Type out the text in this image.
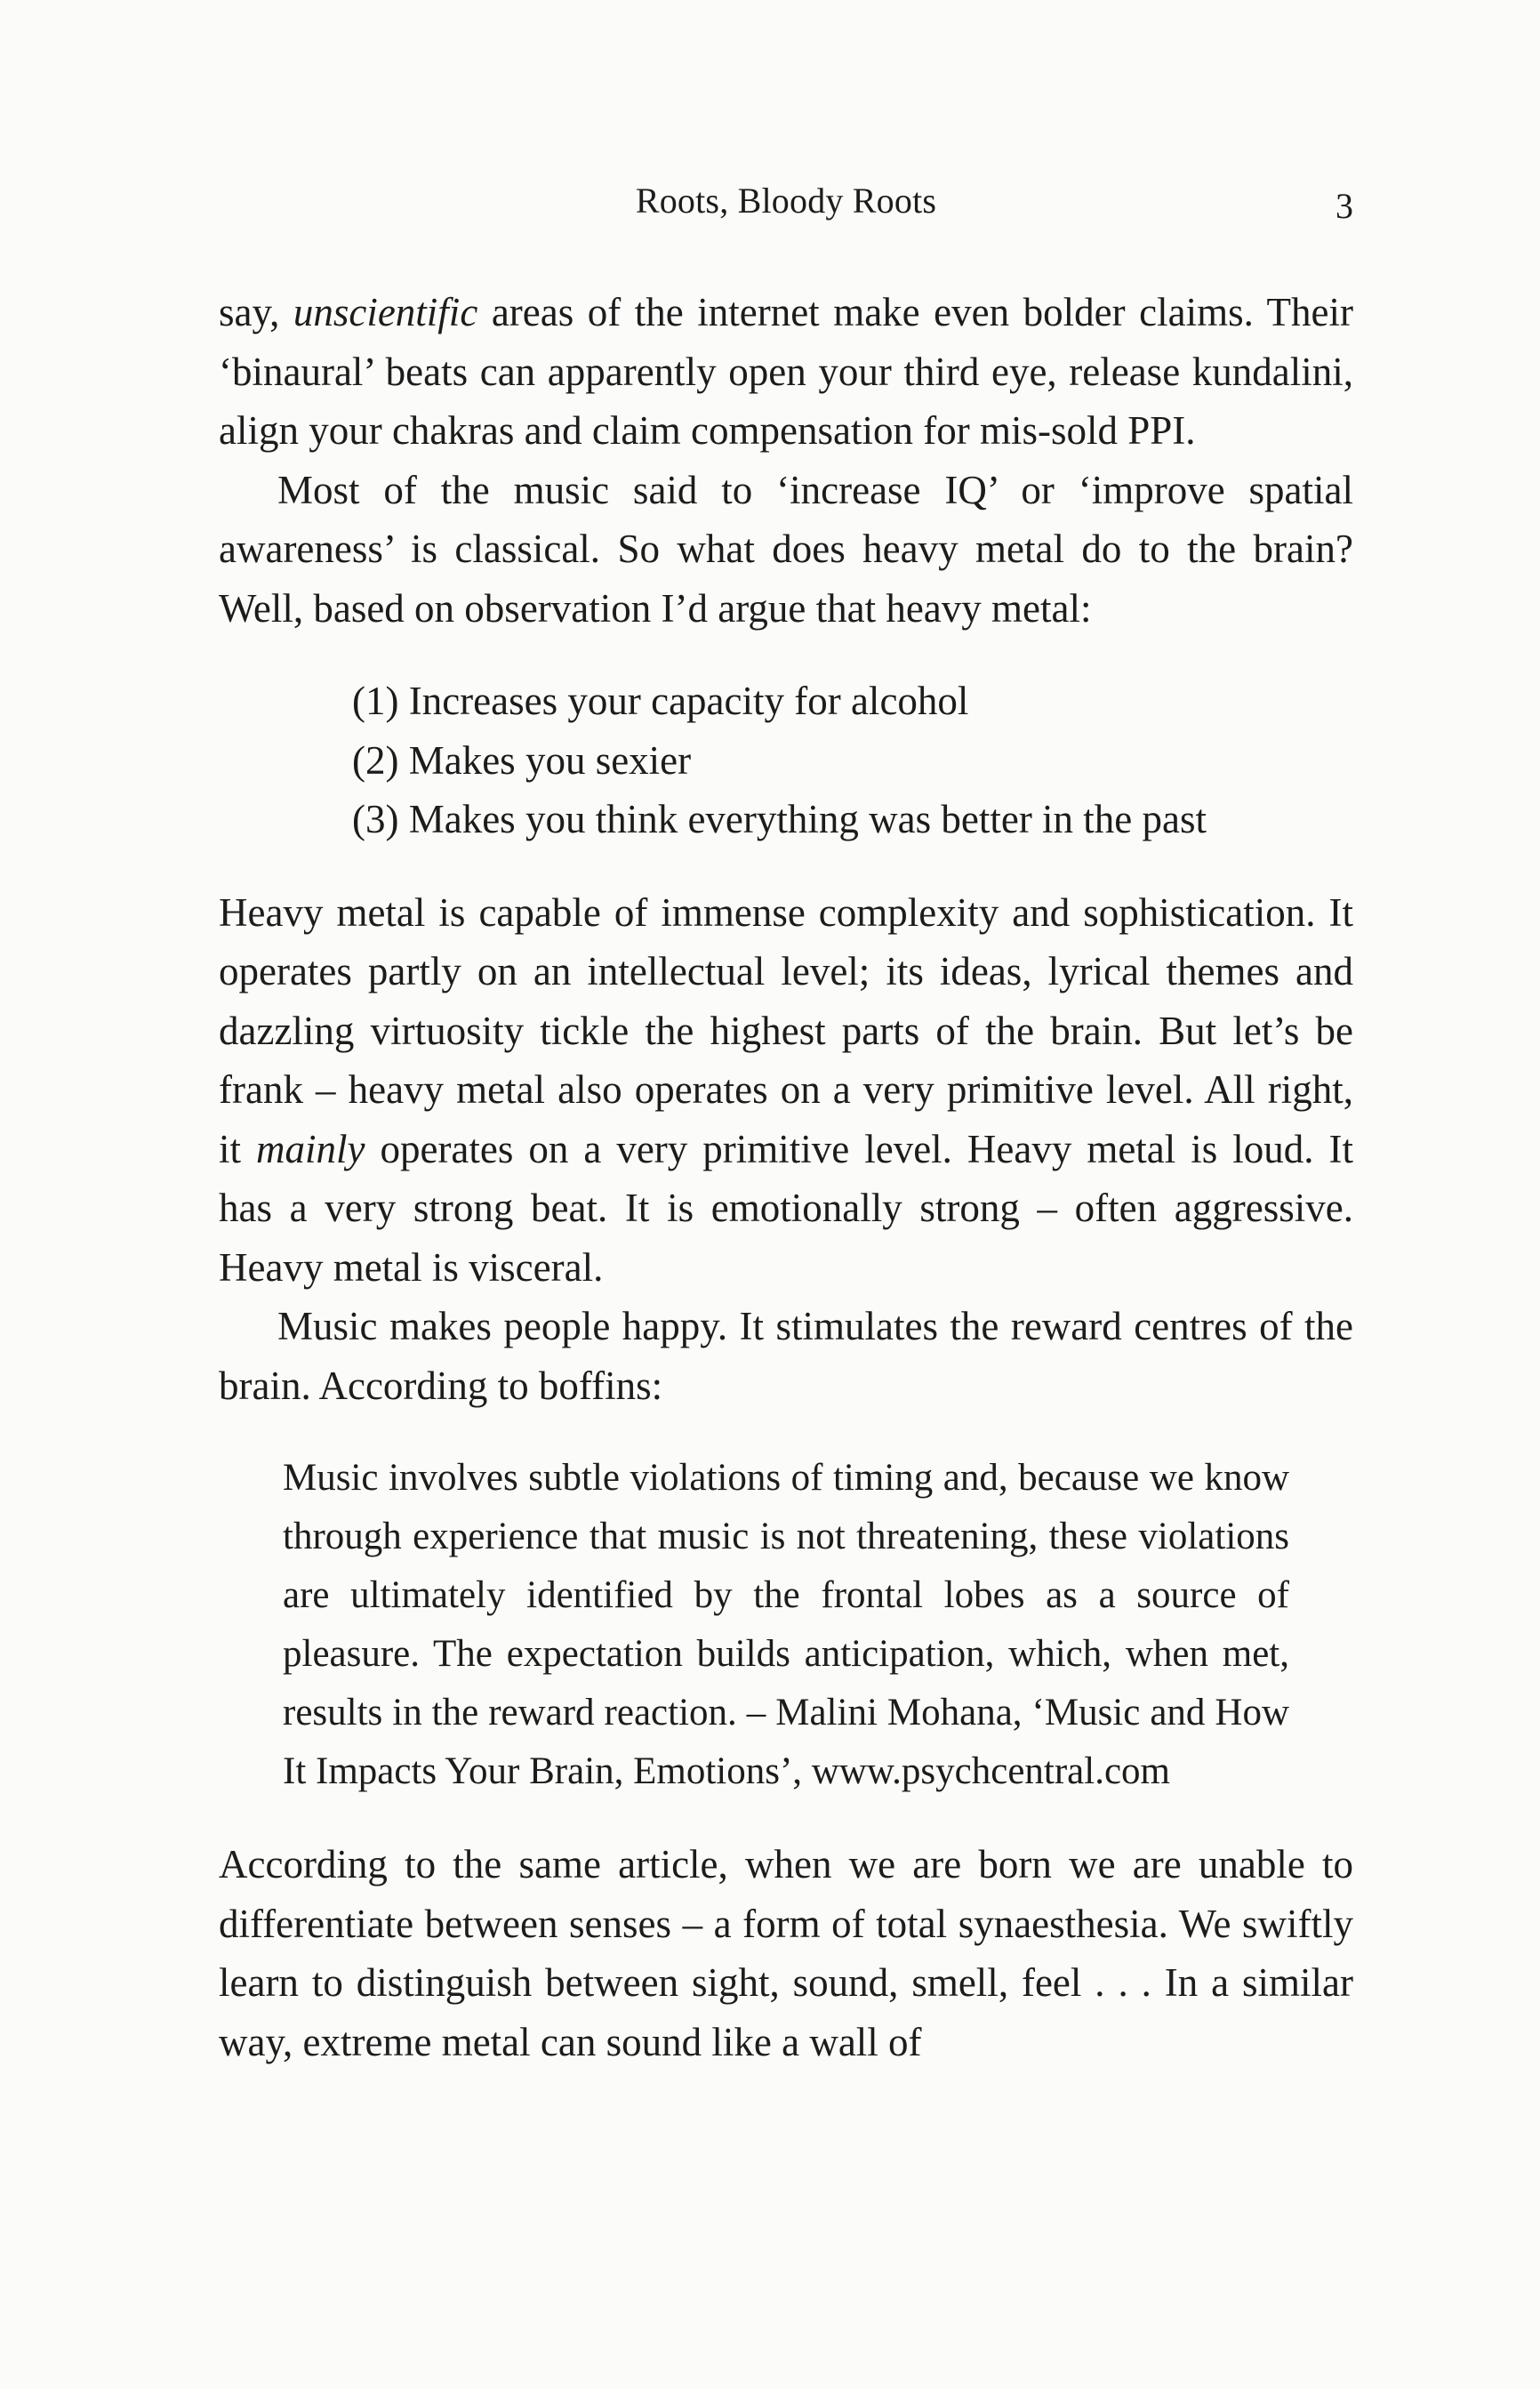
Roots, Bloody Roots	3

say, unscientific areas of the internet make even bolder claims. Their ‘binaural’ beats can apparently open your third eye, release kundalini, align your chakras and claim compensation for mis-sold PPI.

Most of the music said to ‘increase IQ’ or ‘improve spatial awareness’ is classical. So what does heavy metal do to the brain? Well, based on observation I’d argue that heavy metal:

(1) Increases your capacity for alcohol
(2) Makes you sexier
(3) Makes you think everything was better in the past

Heavy metal is capable of immense complexity and sophistication. It operates partly on an intellectual level; its ideas, lyrical themes and dazzling virtuosity tickle the highest parts of the brain. But let’s be frank – heavy metal also operates on a very primitive level. All right, it mainly operates on a very primitive level. Heavy metal is loud. It has a very strong beat. It is emotionally strong – often aggressive. Heavy metal is visceral.

Music makes people happy. It stimulates the reward centres of the brain. According to boffins:

Music involves subtle violations of timing and, because we know through experience that music is not threatening, these violations are ultimately identified by the frontal lobes as a source of pleasure. The expectation builds anticipation, which, when met, results in the reward reaction. – Malini Mohana, ‘Music and How It Impacts Your Brain, Emotions’, www.psychcentral.com

According to the same article, when we are born we are unable to differentiate between senses – a form of total synaesthesia. We swiftly learn to distinguish between sight, sound, smell, feel . . . In a similar way, extreme metal can sound like a wall of
